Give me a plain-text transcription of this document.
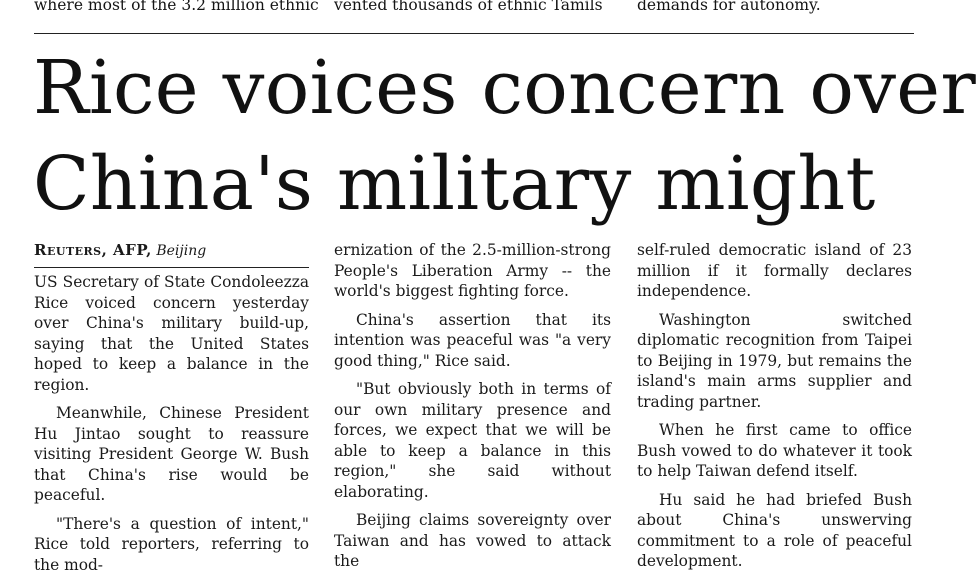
where most of the 3.2 million ethnic vented thousands of ethnic Tamils	demands for autonomy.
Rice voices concern over
China's military might
Reuters, AFP, Beijing

US Secretary of State Condoleezza Rice voiced concern yesterday over China's military build-up, saying that the United States hoped to keep a balance in the region.

Meanwhile, Chinese President Hu Jintao sought to reassure visiting President George W. Bush that China's rise would be peaceful.

"There's a question of intent," Rice told reporters, referring to the mod-

ernization of the 2.5-million-strong People's Liberation Army -- the world's biggest fighting force.

China's assertion that its intention was peaceful was "a very good thing," Rice said.

"But obviously both in terms of our own military presence and forces, we expect that we will be able to keep a balance in this region," she said without elaborating.

Beijing claims sovereignty over Taiwan and has vowed to attack the

self-ruled democratic island of 23 million if it formally declares independence.

Washington switched diplomatic recognition from Taipei to Beijing in 1979, but remains the island's main arms supplier and trading partner.

When he first came to office Bush vowed to do whatever it took to help Taiwan defend itself.

Hu said he had briefed Bush about China's unswerving commitment to a role of peaceful development.
